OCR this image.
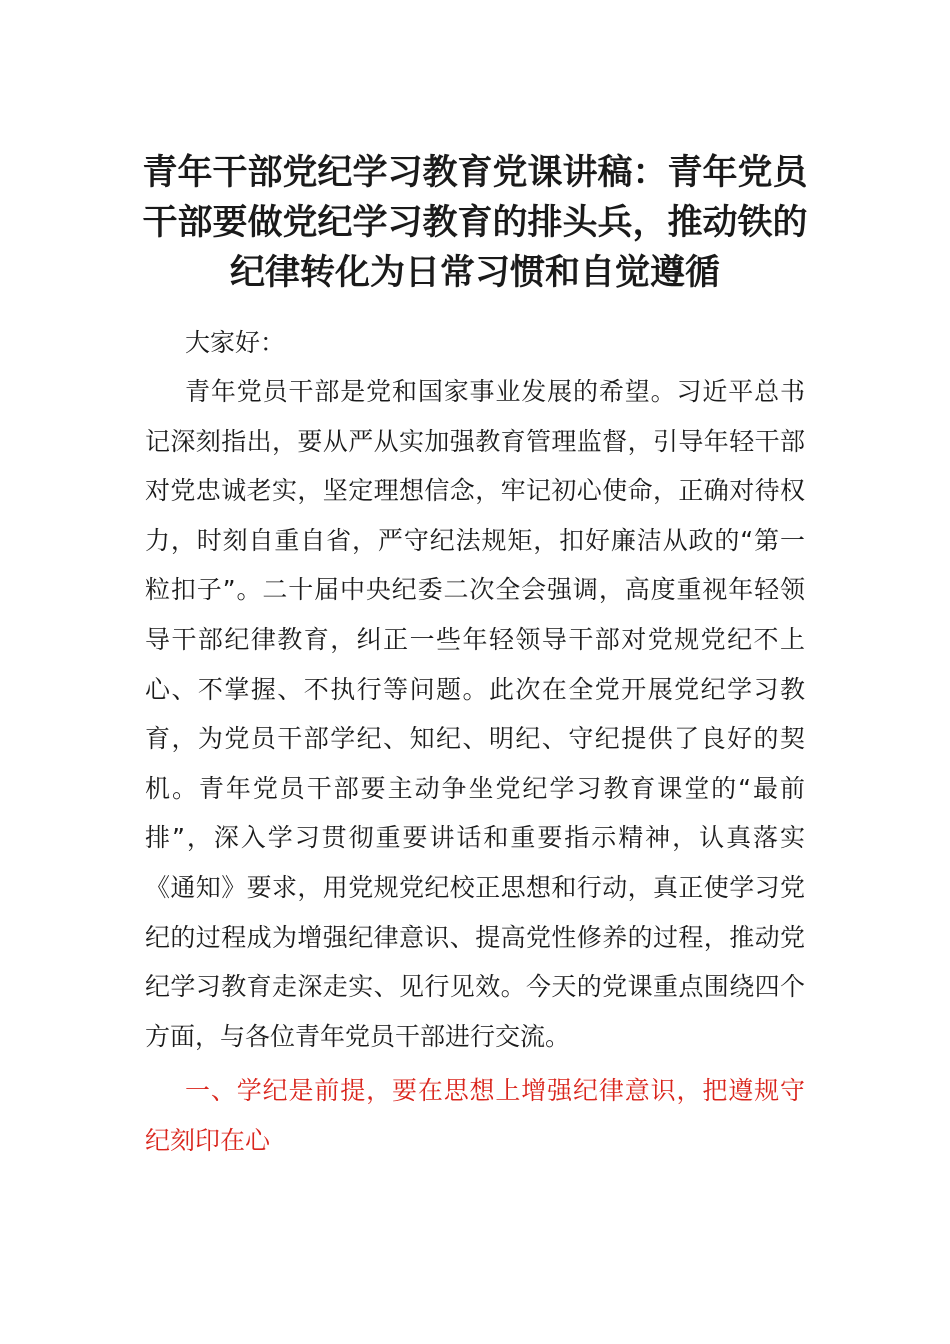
青年干部党纪学习教育党课讲稿：青年党员干部要做党纪学习教育的排头兵，推动铁的纪律转化为日常习惯和自觉遵循

大家好：

青年党员干部是党和国家事业发展的希望。习近平总书记深刻指出，要从严从实加强教育管理监督，引导年轻干部对党忠诚老实，坚定理想信念，牢记初心使命，正确对待权力，时刻自重自省，严守纪法规矩，扣好廉洁从政的“第一粒扣子”。二十届中央纪委二次全会强调，高度重视年轻领导干部纪律教育，纠正一些年轻领导干部对党规党纪不上心、不掌握、不执行等问题。此次在全党开展党纪学习教育，为党员干部学纪、知纪、明纪、守纪提供了良好的契机。青年党员干部要主动争坐党纪学习教育课堂的“最前排”，深入学习贯彻重要讲话和重要指示精神，认真落实《通知》要求，用党规党纪校正思想和行动，真正使学习党纪的过程成为增强纪律意识、提高党性修养的过程，推动党纪学习教育走深走实、见行见效。今天的党课重点围绕四个方面，与各位青年党员干部进行交流。

一、学纪是前提，要在思想上增强纪律意识，把遵规守纪刻印在心
